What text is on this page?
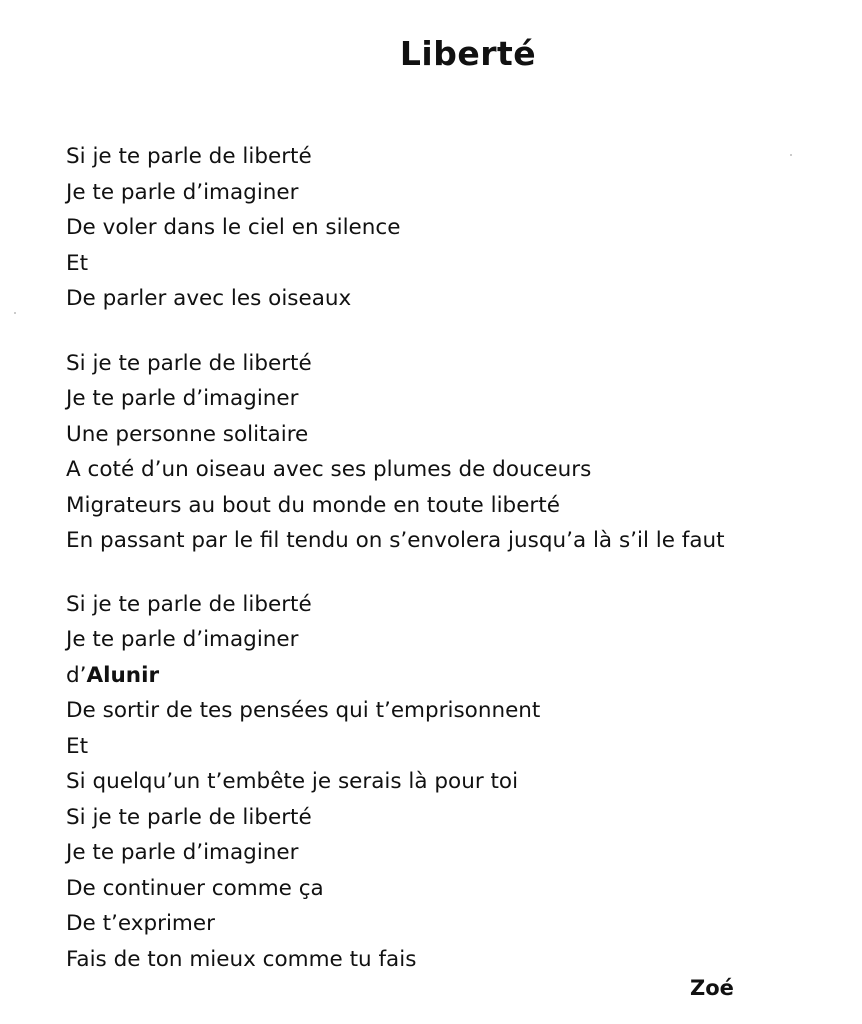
Liberté
Si je te parle de liberté
Je te parle d’imaginer
De voler dans le ciel en silence
Et
De parler avec les oiseaux
Si je te parle de liberté
Je te parle d’imaginer
Une personne solitaire
A coté d’un oiseau avec ses plumes de douceurs
Migrateurs au bout du monde en toute liberté
En passant par le fil tendu on s’envolera jusqu’a là s’il le faut
Si je te parle de liberté
Je te parle d’imaginer
d’Alunir
De sortir de tes pensées qui t’emprisonnent
Et
Si quelqu’un t’embête je serais là pour toi
Si je te parle de liberté
Je te parle d’imaginer
De continuer comme ça
De t’exprimer
Fais de ton mieux comme tu fais
Zoé
